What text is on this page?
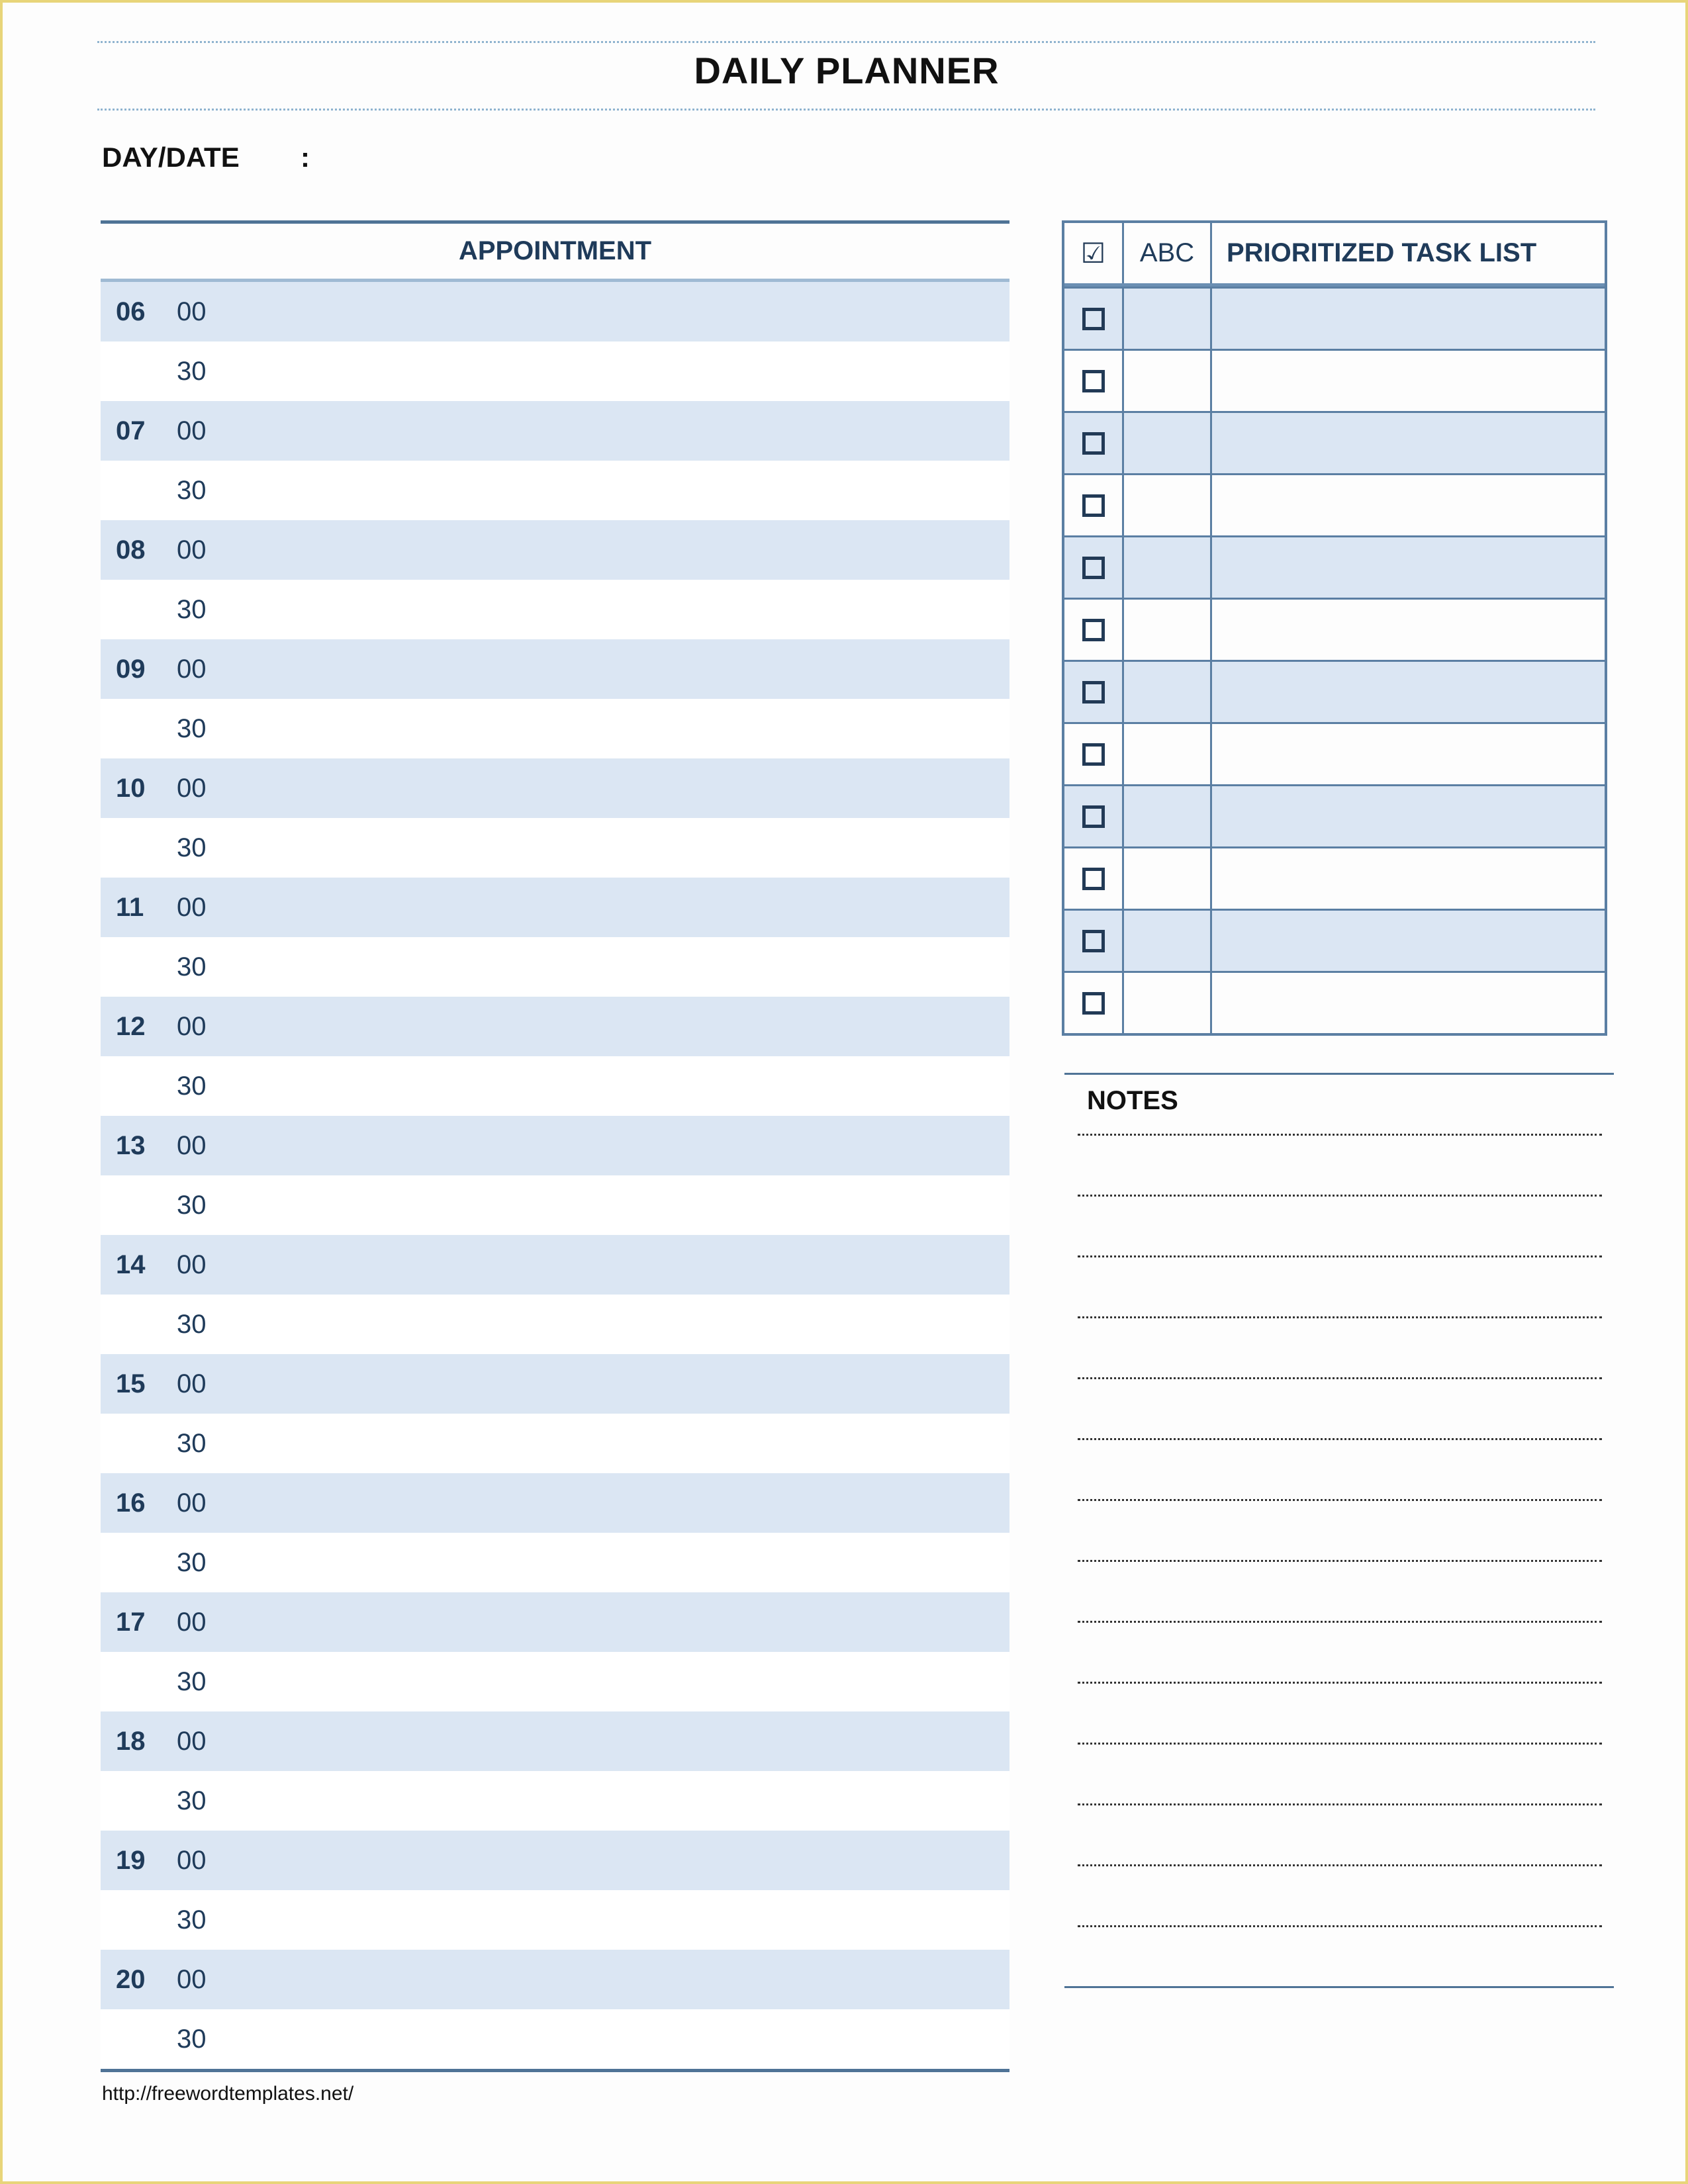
DAILY PLANNER
DAY/DATE :
APPOINTMENT
06 00
30
07 00
30
08 00
30
09 00
30
10 00
30
11 00
30
12 00
30
13 00
30
14 00
30
15 00
30
16 00
30
17 00
30
18 00
30
19 00
30
20 00
30
http://freewordtemplates.net/
☑	ABC	PRIORITIZED TASK LIST
NOTES
